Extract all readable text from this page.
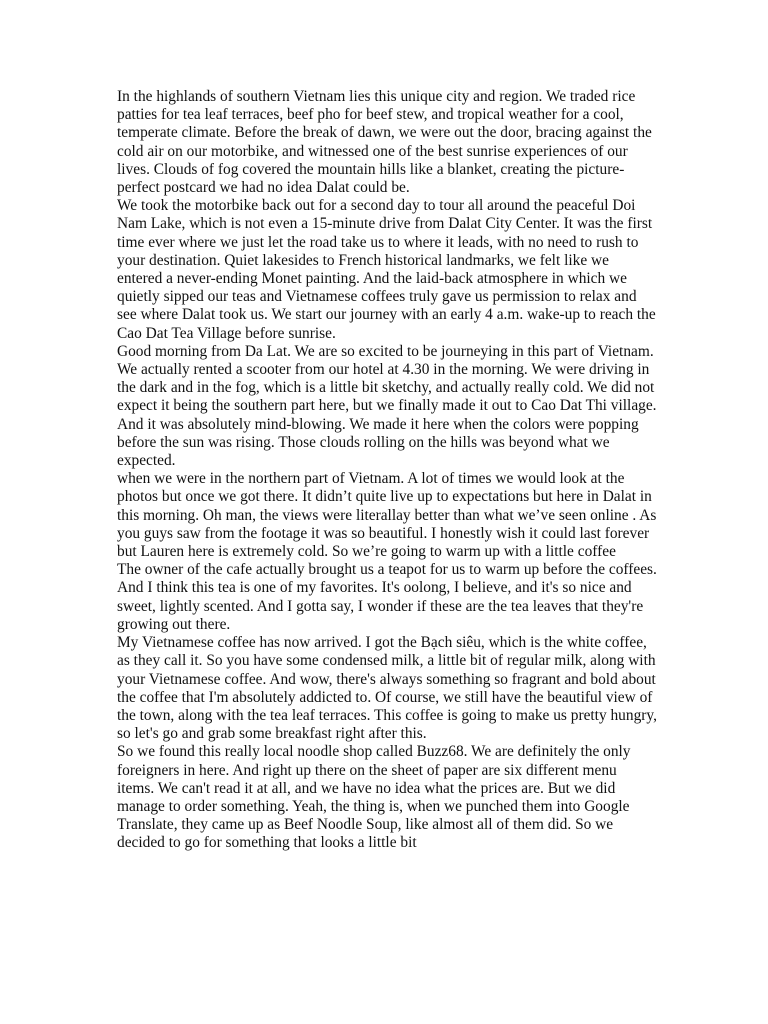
In the highlands of southern Vietnam lies this unique city and region. We traded rice patties for tea leaf terraces, beef pho for beef stew, and tropical weather for a cool, temperate climate. Before the break of dawn, we were out the door, bracing against the cold air on our motorbike, and witnessed one of the best sunrise experiences of our lives. Clouds of fog covered the mountain hills like a blanket, creating the picture-perfect postcard we had no idea Dalat could be.

We took the motorbike back out for a second day to tour all around the peaceful Doi Nam Lake, which is not even a 15-minute drive from Dalat City Center. It was the first time ever where we just let the road take us to where it leads, with no need to rush to your destination. Quiet lakesides to French historical landmarks, we felt like we entered a never-ending Monet painting. And the laid-back atmosphere in which we quietly sipped our teas and Vietnamese coffees truly gave us permission to relax and see where Dalat took us. We start our journey with an early 4 a.m. wake-up to reach the Cao Dat Tea Village before sunrise.

Good morning from Da Lat. We are so excited to be journeying in this part of Vietnam. We actually rented a scooter from our hotel at 4.30 in the morning. We were driving in the dark and in the fog, which is a little bit sketchy, and actually really cold. We did not expect it being the southern part here, but we finally made it out to Cao Dat Thi village. And it was absolutely mind-blowing. We made it here when the colors were popping before the sun was rising. Those clouds rolling on the hills was beyond what we expected.

when we were in the northern part of Vietnam. A lot of times we would look at the photos but once we got there. It didn’t quite live up to expectations but here in Dalat in this morning. Oh man, the views were literallay better than what we’ve seen online . As you guys saw from the footage it was so beautiful. I honestly wish it could last forever but Lauren here is extremely cold. So we’re going to warm up with a little coffee

The owner of the cafe actually brought us a teapot for us to warm up before the coffees. And I think this tea is one of my favorites. It's oolong, I believe, and it's so nice and sweet, lightly scented. And I gotta say, I wonder if these are the tea leaves that they're growing out there.

My Vietnamese coffee has now arrived. I got the Bạch siêu, which is the white coffee, as they call it. So you have some condensed milk, a little bit of regular milk, along with your Vietnamese coffee. And wow, there's always something so fragrant and bold about the coffee that I'm absolutely addicted to. Of course, we still have the beautiful view of the town, along with the tea leaf terraces. This coffee is going to make us pretty hungry, so let's go and grab some breakfast right after this.

So we found this really local noodle shop called Buzz68. We are definitely the only foreigners in here. And right up there on the sheet of paper are six different menu items. We can't read it at all, and we have no idea what the prices are. But we did manage to order something. Yeah, the thing is, when we punched them into Google Translate, they came up as Beef Noodle Soup, like almost all of them did. So we decided to go for something that looks a little bit
